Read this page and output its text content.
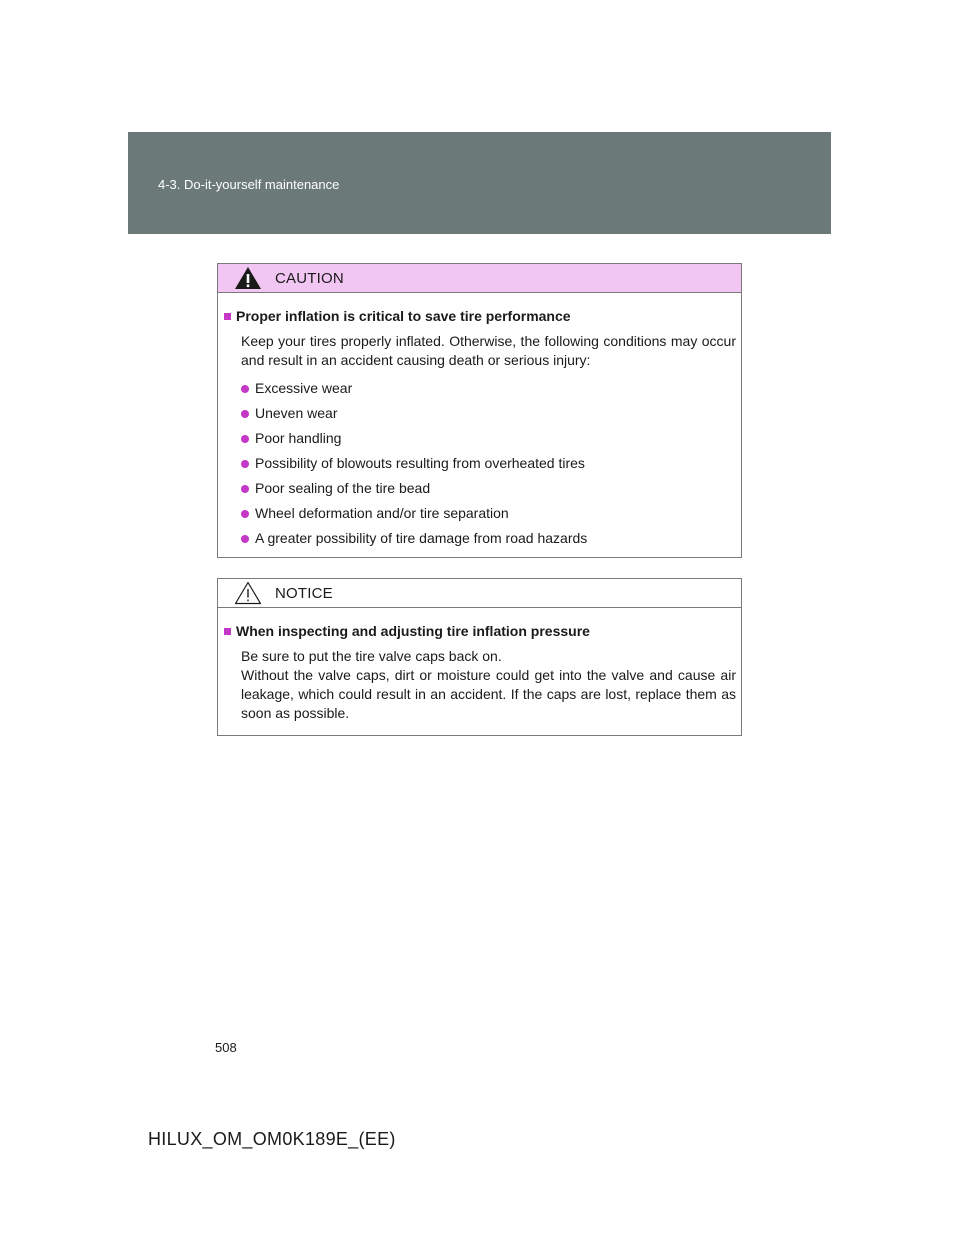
4-3. Do-it-yourself maintenance
CAUTION
Proper inflation is critical to save tire performance
Keep your tires properly inflated. Otherwise, the following conditions may occur and result in an accident causing death or serious injury:
Excessive wear
Uneven wear
Poor handling
Possibility of blowouts resulting from overheated tires
Poor sealing of the tire bead
Wheel deformation and/or tire separation
A greater possibility of tire damage from road hazards
NOTICE
When inspecting and adjusting tire inflation pressure
Be sure to put the tire valve caps back on.
Without the valve caps, dirt or moisture could get into the valve and cause air leakage, which could result in an accident. If the caps are lost, replace them as soon as possible.
508
HILUX_OM_OM0K189E_(EE)
